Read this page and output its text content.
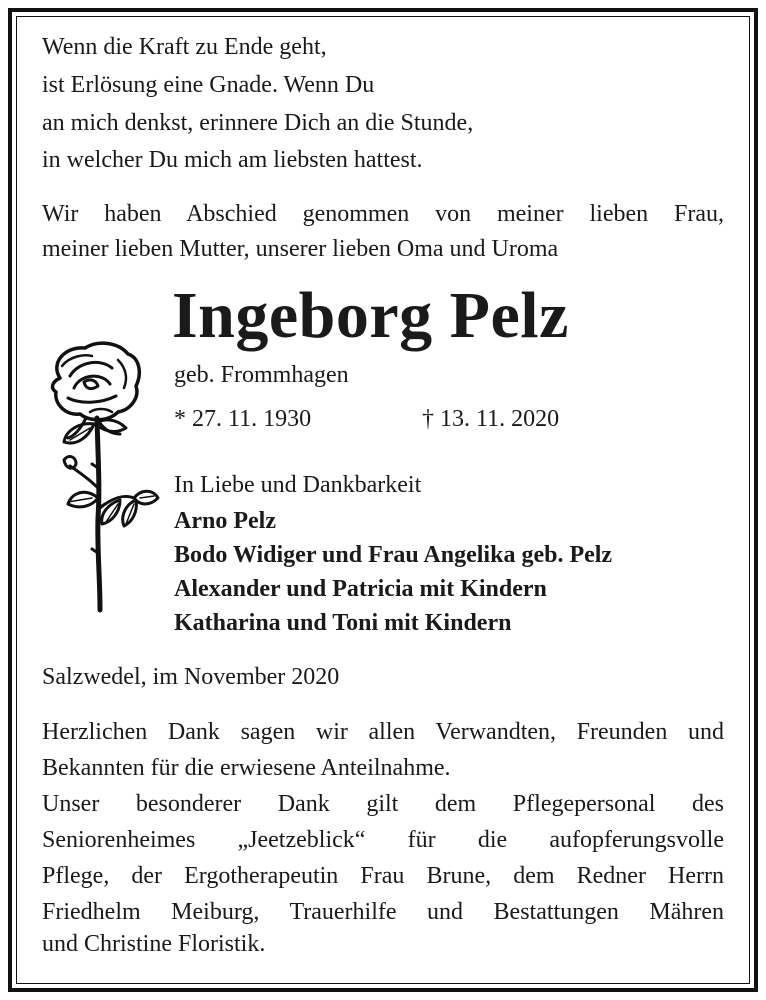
Wenn die Kraft zu Ende geht,
ist Erlösung eine Gnade. Wenn Du
an mich denkst, erinnere Dich an die Stunde,
in welcher Du mich am liebsten hattest.
Wir haben Abschied genommen von meiner lieben Frau,
meiner lieben Mutter, unserer lieben Oma und Uroma
Ingeborg Pelz
geb. Frommhagen
* 27. 11. 1930	† 13. 11. 2020
In Liebe und Dankbarkeit
Arno Pelz
Bodo Widiger und Frau Angelika geb. Pelz
Alexander und Patricia mit Kindern
Katharina und Toni mit Kindern
Salzwedel, im November 2020
Herzlichen Dank sagen wir allen Verwandten, Freunden und
Bekannten für die erwiesene Anteilnahme.
Unser besonderer Dank gilt dem Pflegepersonal des
Seniorenheimes „Jeetzeblick“ für die aufopferungsvolle
Pflege, der Ergotherapeutin Frau Brune, dem Redner Herrn
Friedhelm Meiburg, Trauerhilfe und Bestattungen Mähren
und Christine Floristik.
